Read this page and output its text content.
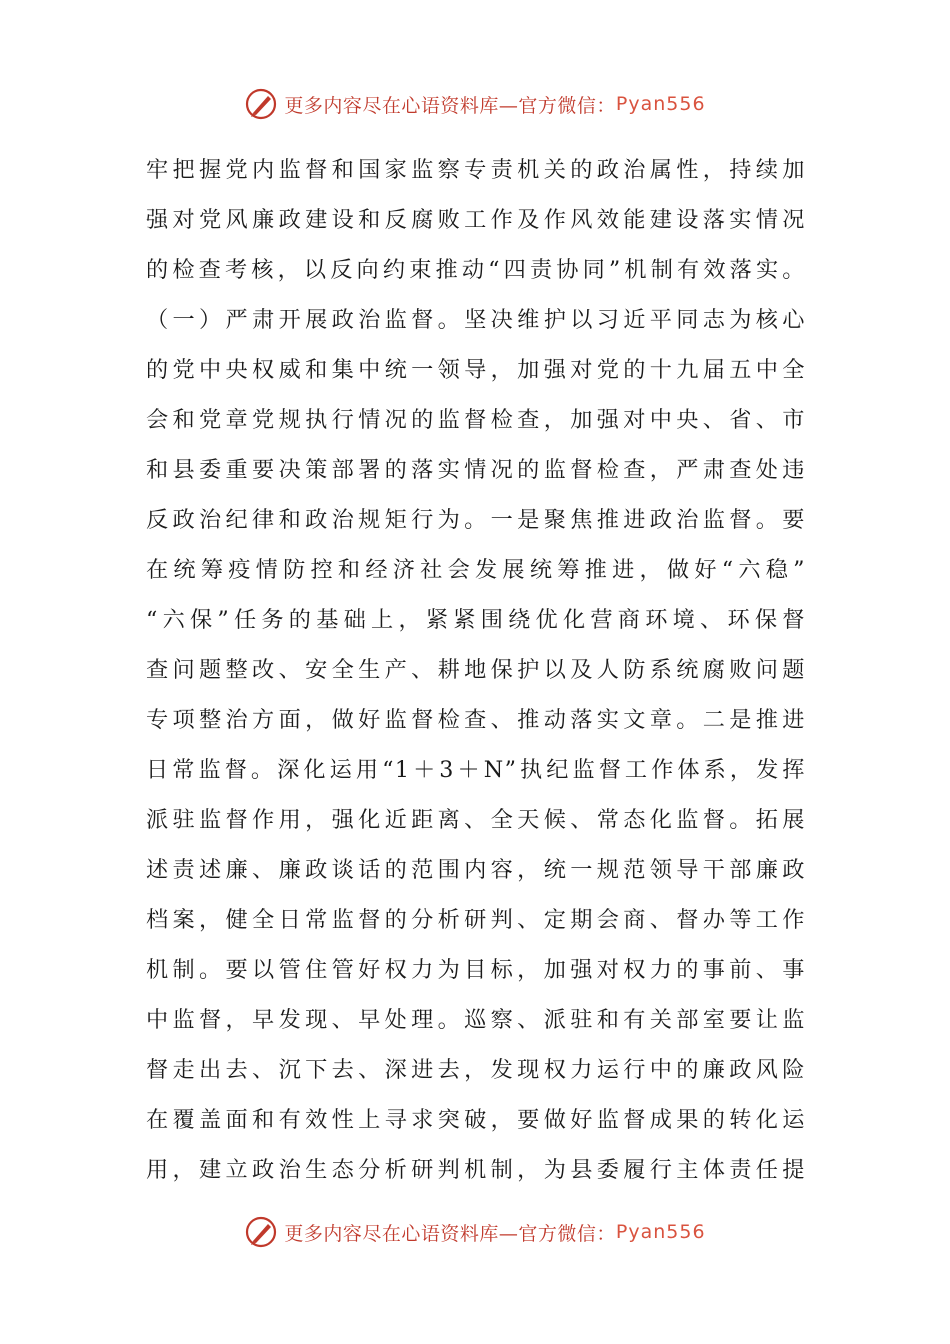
更多内容尽在心语资料库—官方微信： Pyan556
牢把握党内监督和国家监察专责机关的政治属性，持续加
强对党风廉政建设和反腐败工作及作风效能建设落实情况
的检查考核，以反向约束推动“四责协同”机制有效落实。
（一）严肃开展政治监督。坚决维护以习近平同志为核心
的党中央权威和集中统一领导，加强对党的十九届五中全
会和党章党规执行情况的监督检查，加强对中央、省、市
和县委重要决策部署的落实情况的监督检查，严肃查处违
反政治纪律和政治规矩行为。一是聚焦推进政治监督。要
在统筹疫情防控和经济社会发展统筹推进，做好“六稳”
“六保”任务的基础上，紧紧围绕优化营商环境、环保督
查问题整改、安全生产、耕地保护以及人防系统腐败问题
专项整治方面，做好监督检查、推动落实文章。二是推进
日常监督。深化运用“1＋3＋N”执纪监督工作体系，发挥
派驻监督作用，强化近距离、全天候、常态化监督。拓展
述责述廉、廉政谈话的范围内容，统一规范领导干部廉政
档案，健全日常监督的分析研判、定期会商、督办等工作
机制。要以管住管好权力为目标，加强对权力的事前、事
中监督，早发现、早处理。巡察、派驻和有关部室要让监
督走出去、沉下去、深进去，发现权力运行中的廉政风险
在覆盖面和有效性上寻求突破，要做好监督成果的转化运
用，建立政治生态分析研判机制，为县委履行主体责任提
更多内容尽在心语资料库—官方微信： Pyan556
